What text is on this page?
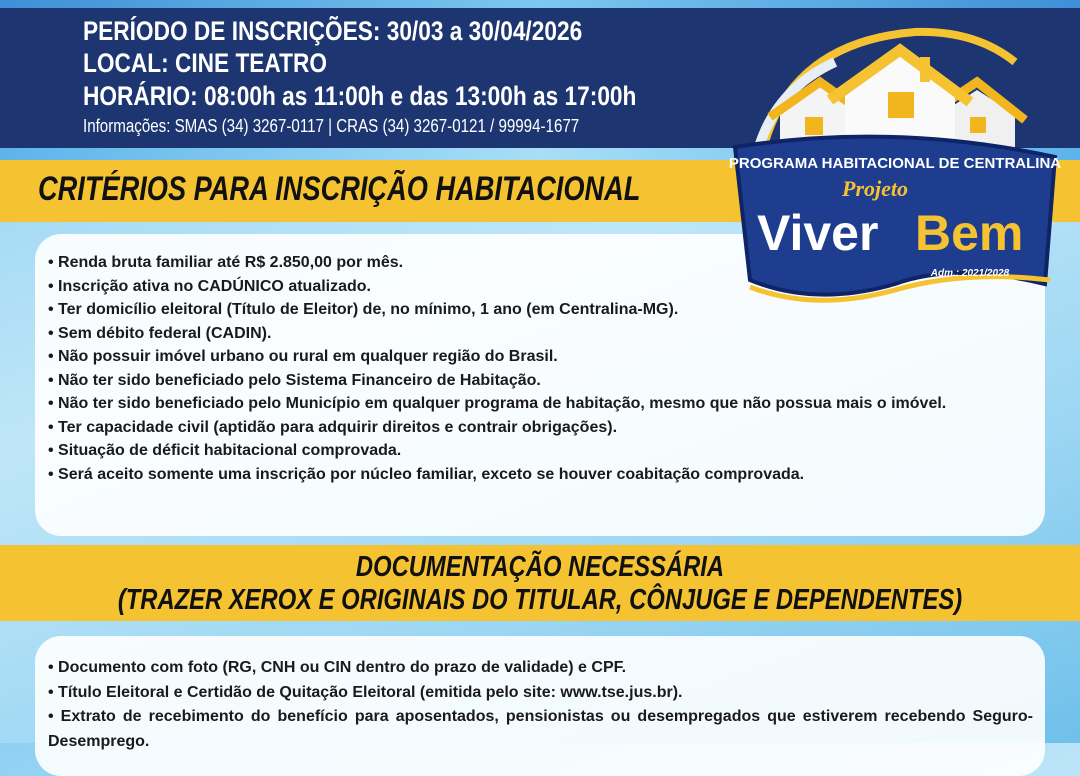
PERÍODO DE INSCRIÇÕES: 30/03 a 30/04/2026
LOCAL: CINE TEATRO
HORÁRIO: 08:00h as 11:00h e das 13:00h as 17:00h
Informações: SMAS (34) 3267-0117 | CRAS (34) 3267-0121 / 99994-1677
CRITÉRIOS PARA INSCRIÇÃO HABITACIONAL
• Renda bruta familiar até R$ 2.850,00 por mês.
• Inscrição ativa no CADÚNICO atualizado.
• Ter domicílio eleitoral (Título de Eleitor) de, no mínimo, 1 ano (em Centralina-MG).
• Sem débito federal (CADIN).
• Não possuir imóvel urbano ou rural em qualquer região do Brasil.
• Não ter sido beneficiado pelo Sistema Financeiro de Habitação.
• Não ter sido beneficiado pelo Município em qualquer programa de habitação, mesmo que não possua mais o imóvel.
• Ter capacidade civil (aptidão para adquirir direitos e contrair obrigações).
• Situação de déficit habitacional comprovada.
• Será aceito somente uma inscrição por núcleo familiar, exceto se houver coabitação comprovada.
DOCUMENTAÇÃO NECESSÁRIA
(TRAZER XEROX E ORIGINAIS DO TITULAR, CÔNJUGE E DEPENDENTES)
• Documento com foto (RG, CNH ou CIN dentro do prazo de validade) e CPF.
• Título Eleitoral e Certidão de Quitação Eleitoral (emitida pelo site: www.tse.jus.br).
• Extrato de recebimento do benefício para aposentados, pensionistas ou desempregados que estiverem recebendo Seguro-Desemprego.
PROGRAMA HABITACIONAL DE CENTRALINA
Projeto
Viver Bem
Adm.: 2021/2028
